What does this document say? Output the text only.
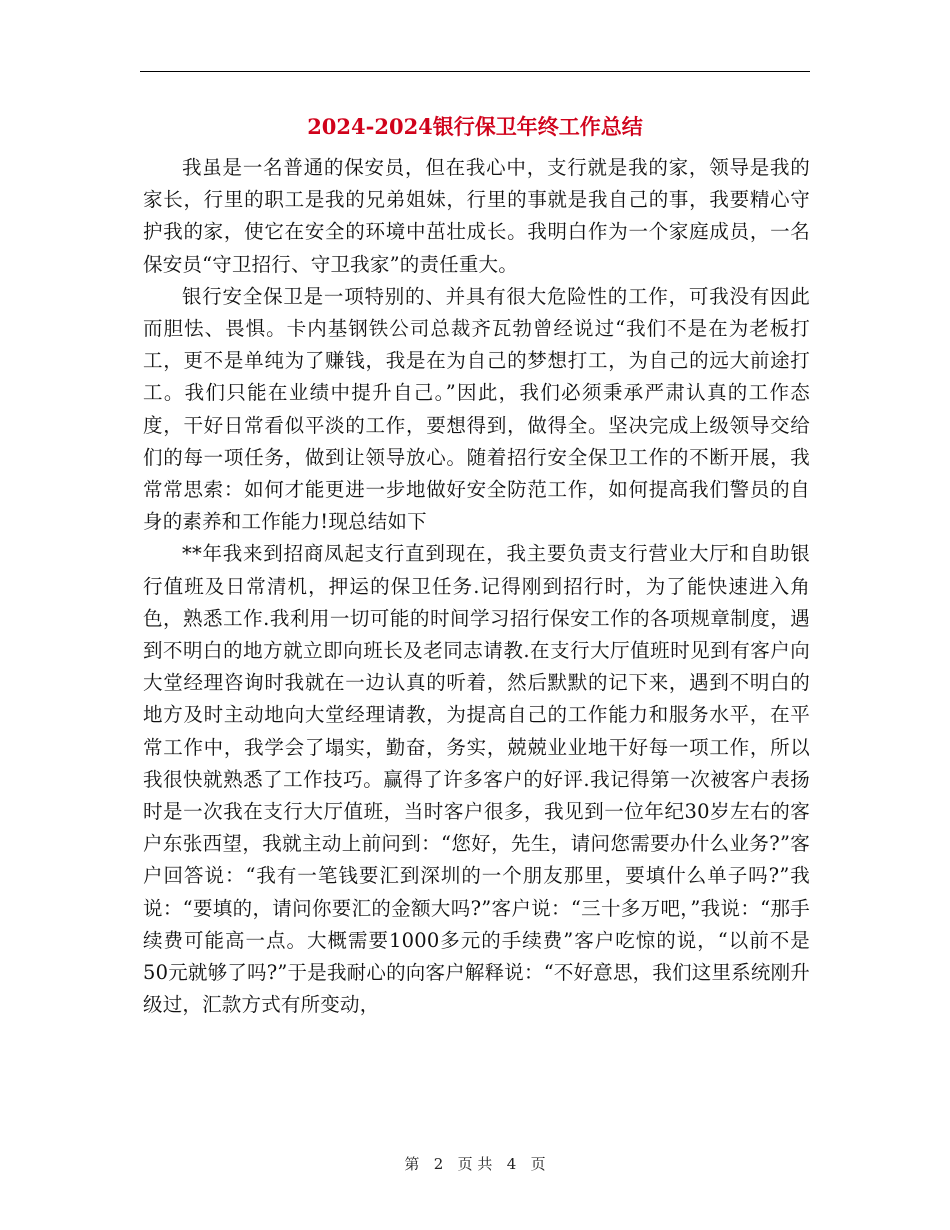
2024-2024银行保卫年终工作总结

我虽是一名普通的保安员，但在我心中，支行就是我的家，领导是我的家长，行里的职工是我的兄弟姐妹，行里的事就是我自己的事，我要精心守护我的家，使它在安全的环境中茁壮成长。我明白作为一个家庭成员，一名保安员“守卫招行、守卫我家”的责任重大。

银行安全保卫是一项特别的、并具有很大危险性的工作，可我没有因此而胆怯、畏惧。卡内基钢铁公司总裁齐瓦勃曾经说过“我们不是在为老板打工，更不是单纯为了赚钱，我是在为自己的梦想打工，为自己的远大前途打工。我们只能在业绩中提升自己。”因此，我们必须秉承严肃认真的工作态度，干好日常看似平淡的工作，要想得到，做得全。坚决完成上级领导交给们的每一项任务，做到让领导放心。随着招行安全保卫工作的不断开展，我常常思索：如何才能更进一步地做好安全防范工作，如何提高我们警员的自身的素养和工作能力!现总结如下

**年我来到招商凤起支行直到现在，我主要负责支行营业大厅和自助银行值班及日常清机，押运的保卫任务.记得刚到招行时，为了能快速进入角色，熟悉工作.我利用一切可能的时间学习招行保安工作的各项规章制度，遇到不明白的地方就立即向班长及老同志请教.在支行大厅值班时见到有客户向大堂经理咨询时我就在一边认真的听着，然后默默的记下来，遇到不明白的地方及时主动地向大堂经理请教，为提高自己的工作能力和服务水平，在平常工作中，我学会了塌实，勤奋，务实，兢兢业业地干好每一项工作，所以我很快就熟悉了工作技巧。赢得了许多客户的好评.我记得第一次被客户表扬时是一次我在支行大厅值班，当时客户很多，我见到一位年纪30岁左右的客户东张西望，我就主动上前问到：“您好，先生，请问您需要办什么业务?”客户回答说：“我有一笔钱要汇到深圳的一个朋友那里，要填什么单子吗?”我说：“要填的，请问你要汇的金额大吗?”客户说：“三十多万吧，”我说：“那手续费可能高一点。大概需要1000多元的手续费”客户吃惊的说，“以前不是50元就够了吗?”于是我耐心的向客户解释说：“不好意思，我们这里系统刚升级过，汇款方式有所变动，

第 2 页 共 4 页
